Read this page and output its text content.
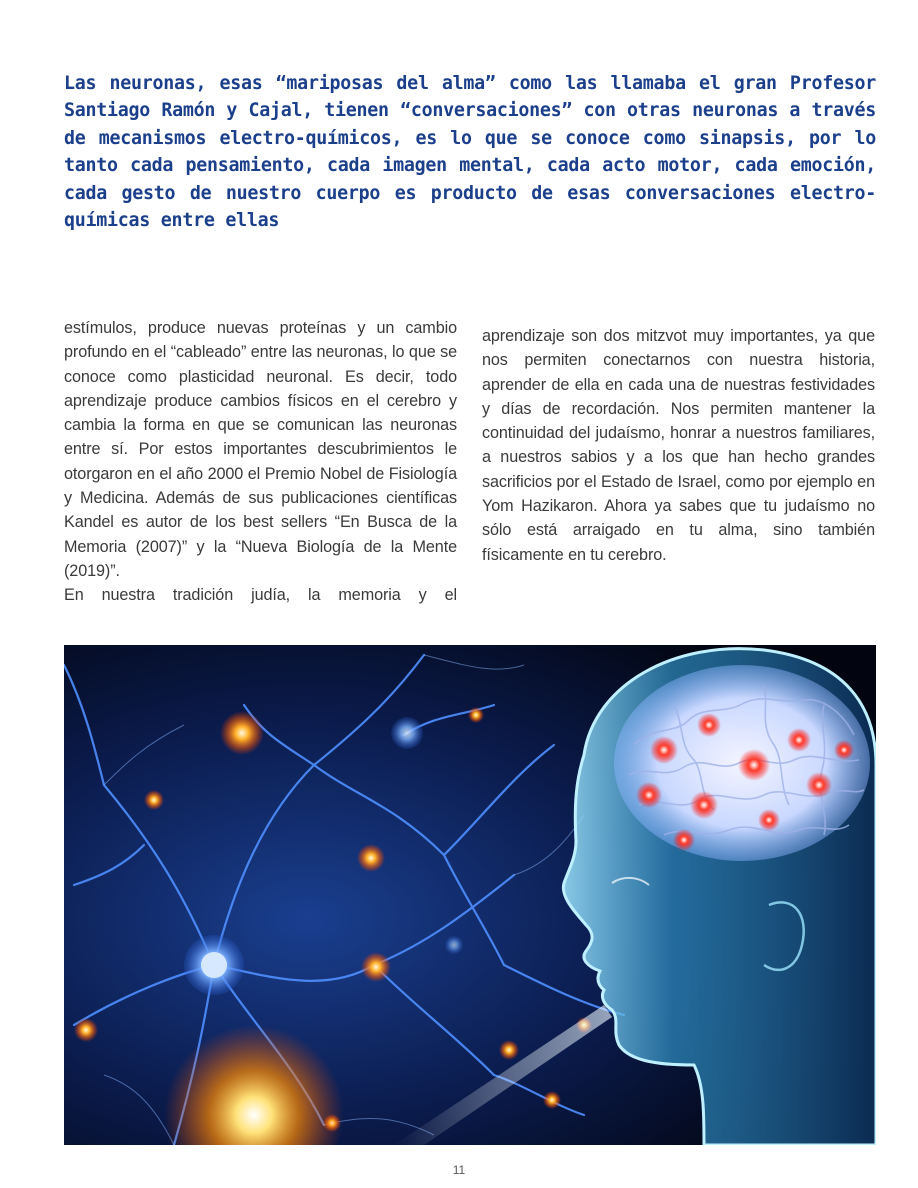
Las neuronas, esas “mariposas del alma” como las llamaba el gran Profesor Santiago Ramón y Cajal, tienen “conversaciones” con otras neuronas a través de mecanismos electro-químicos, es lo que se conoce como sinapsis, por lo tanto cada pensamiento, cada imagen mental, cada acto motor, cada emoción, cada gesto de nuestro cuerpo es producto de esas conversaciones electro-químicas entre ellas

estímulos, produce nuevas proteínas y un cambio profundo en el “cableado” entre las neuronas, lo que se conoce como plasticidad neuronal. Es decir, todo aprendizaje produce cambios físicos en el cerebro y cambia la forma en que se comunican las neuronas entre sí. Por estos importantes descubrimientos le otorgaron en el año 2000 el Premio Nobel de Fisiología y Medicina. Además de sus publicaciones científicas Kandel es autor de los best sellers “En Busca de la Memoria (2007)” y la “Nueva Biología de la Mente (2019)”.
En nuestra tradición judía, la memoria y el
aprendizaje son dos mitzvot muy importantes, ya que nos permiten conectarnos con nuestra historia, aprender de ella en cada una de nuestras festividades y días de recordación. Nos permiten mantener la continuidad del judaísmo, honrar a nuestros familiares, a nuestros sabios y a los que han hecho grandes sacrificios por el Estado de Israel, como por ejemplo en Yom Hazikaron. Ahora ya sabes que tu judaísmo no sólo está arraigado en tu alma, sino también físicamente en tu cerebro.
11
